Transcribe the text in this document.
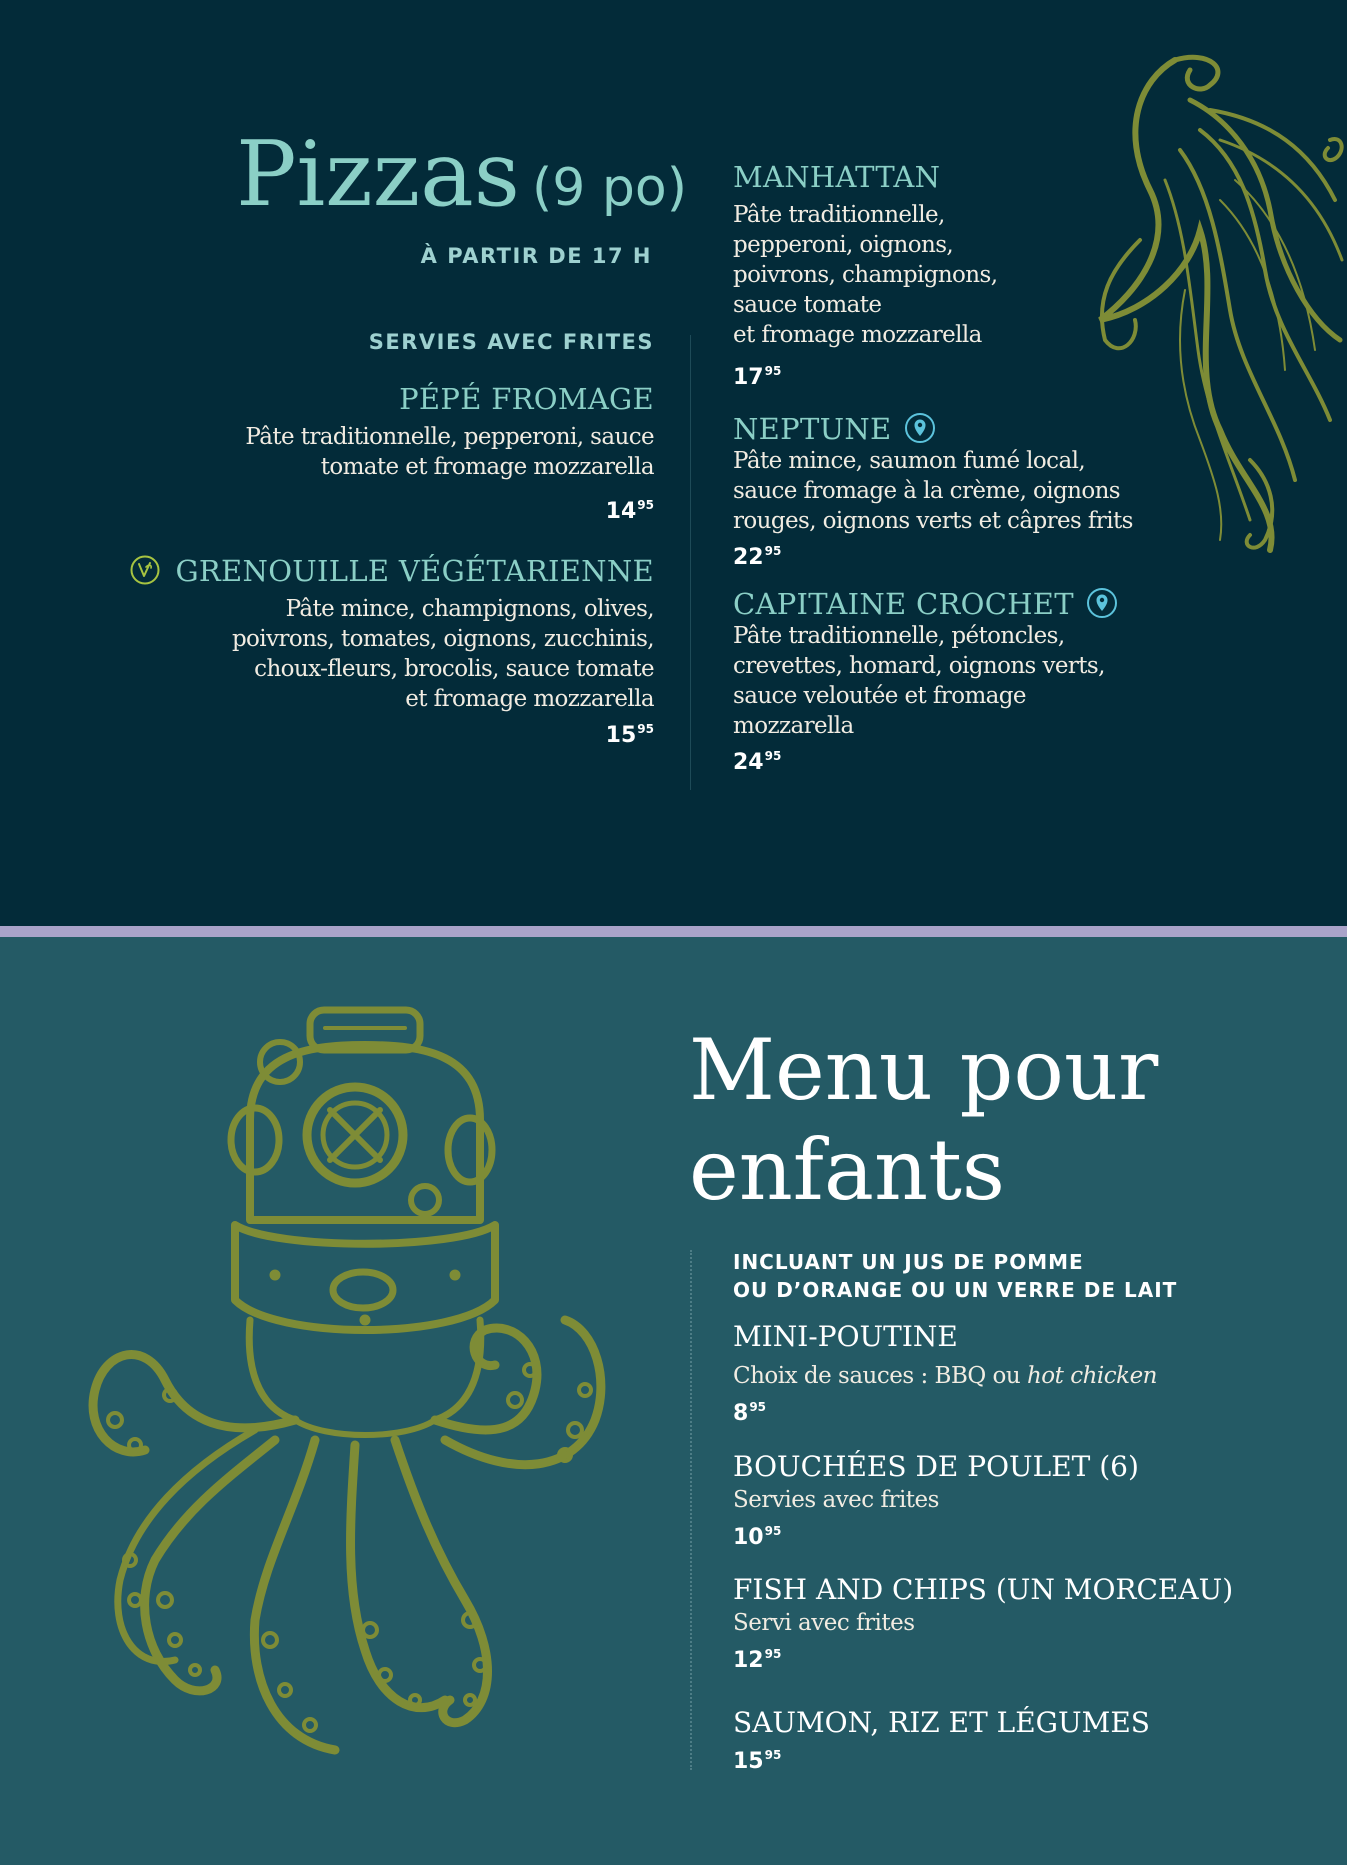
Pizzas (9 po)
À PARTIR DE 17 H
SERVIES AVEC FRITES
PÉPÉ FROMAGE
Pâte traditionnelle, pepperoni, sauce
tomate et fromage mozzarella
$14^{95}$
GRENOUILLE VÉGÉTARIENNE
Pâte mince, champignons, olives,
poivrons, tomates, oignons, zucchinis,
choux-fleurs, brocolis, sauce tomate
et fromage mozzarella
$15^{95}$
MANHATTAN
Pâte traditionnelle,
pepperoni, oignons,
poivrons, champignons,
sauce tomate
et fromage mozzarella
$17^{95}$
NEPTUNE
Pâte mince, saumon fumé local,
sauce fromage à la crème, oignons
rouges, oignons verts et câpres frits
$22^{95}$
CAPITAINE CROCHET
Pâte traditionnelle, pétoncles,
crevettes, homard, oignons verts,
sauce veloutée et fromage
mozzarella
$24^{95}$
Menu pour
enfants
INCLUANT UN JUS DE POMME
OU D’ORANGE OU UN VERRE DE LAIT
MINI-POUTINE
Choix de sauces : BBQ ou hot chicken
$8^{95}$
BOUCHÉES DE POULET (6)
Servies avec frites
$10^{95}$
FISH AND CHIPS (UN MORCEAU)
Servi avec frites
$12^{95}$
SAUMON, RIZ ET LÉGUMES
$15^{95}$
